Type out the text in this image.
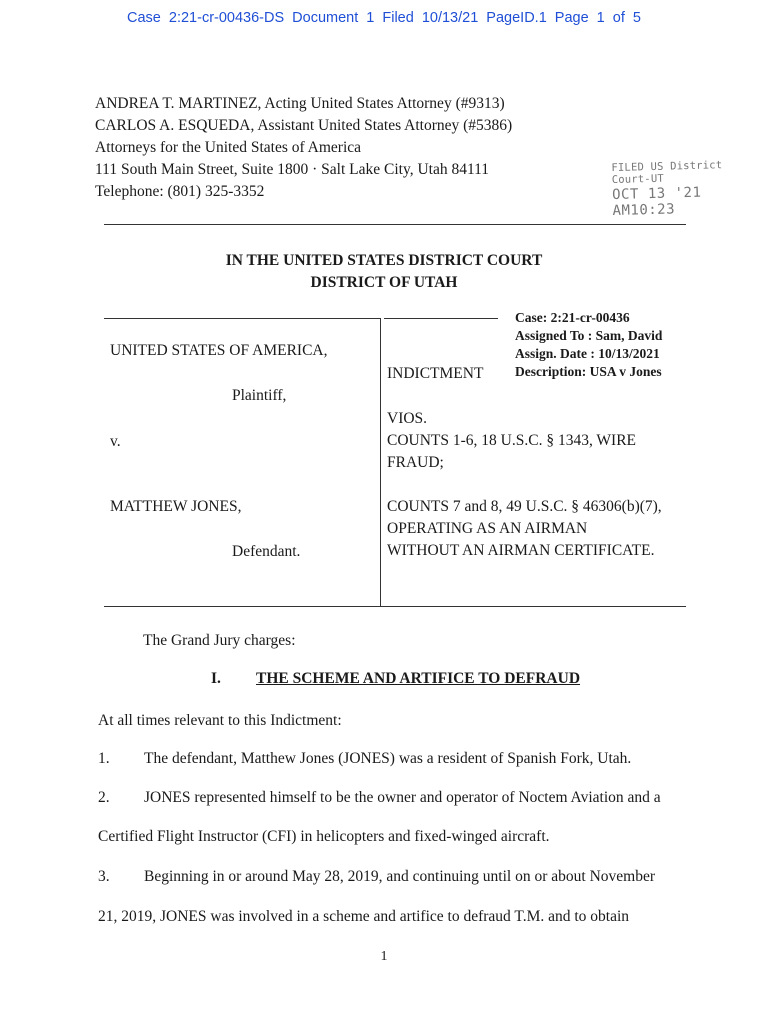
Case 2:21-cr-00436-DS Document 1 Filed 10/13/21 PageID.1 Page 1 of 5
ANDREA T. MARTINEZ, Acting United States Attorney (#9313)
CARLOS A. ESQUEDA, Assistant United States Attorney (#5386)
Attorneys for the United States of America
111 South Main Street, Suite 1800 · Salt Lake City, Utah 84111
Telephone: (801) 325-3352
FILED US District Court-UT
OCT 13 '21 AM10:23
IN THE UNITED STATES DISTRICT COURT
DISTRICT OF UTAH
Case: 2:21-cr-00436
Assigned To : Sam, David
Assign. Date : 10/13/2021
Description: USA v Jones
UNITED STATES OF AMERICA,
Plaintiff,
v.
MATTHEW JONES,
Defendant.
INDICTMENT
VIOS.
COUNTS 1-6, 18 U.S.C. § 1343, WIRE
FRAUD;
COUNTS 7 and 8, 49 U.S.C. § 46306(b)(7),
OPERATING AS AN AIRMAN
WITHOUT AN AIRMAN CERTIFICATE.
The Grand Jury charges:
I. THE SCHEME AND ARTIFICE TO DEFRAUD
At all times relevant to this Indictment:
1. The defendant, Matthew Jones (JONES) was a resident of Spanish Fork, Utah.
2. JONES represented himself to be the owner and operator of Noctem Aviation and a
Certified Flight Instructor (CFI) in helicopters and fixed-winged aircraft.
3. Beginning in or around May 28, 2019, and continuing until on or about November
21, 2019, JONES was involved in a scheme and artifice to defraud T.M. and to obtain
1
